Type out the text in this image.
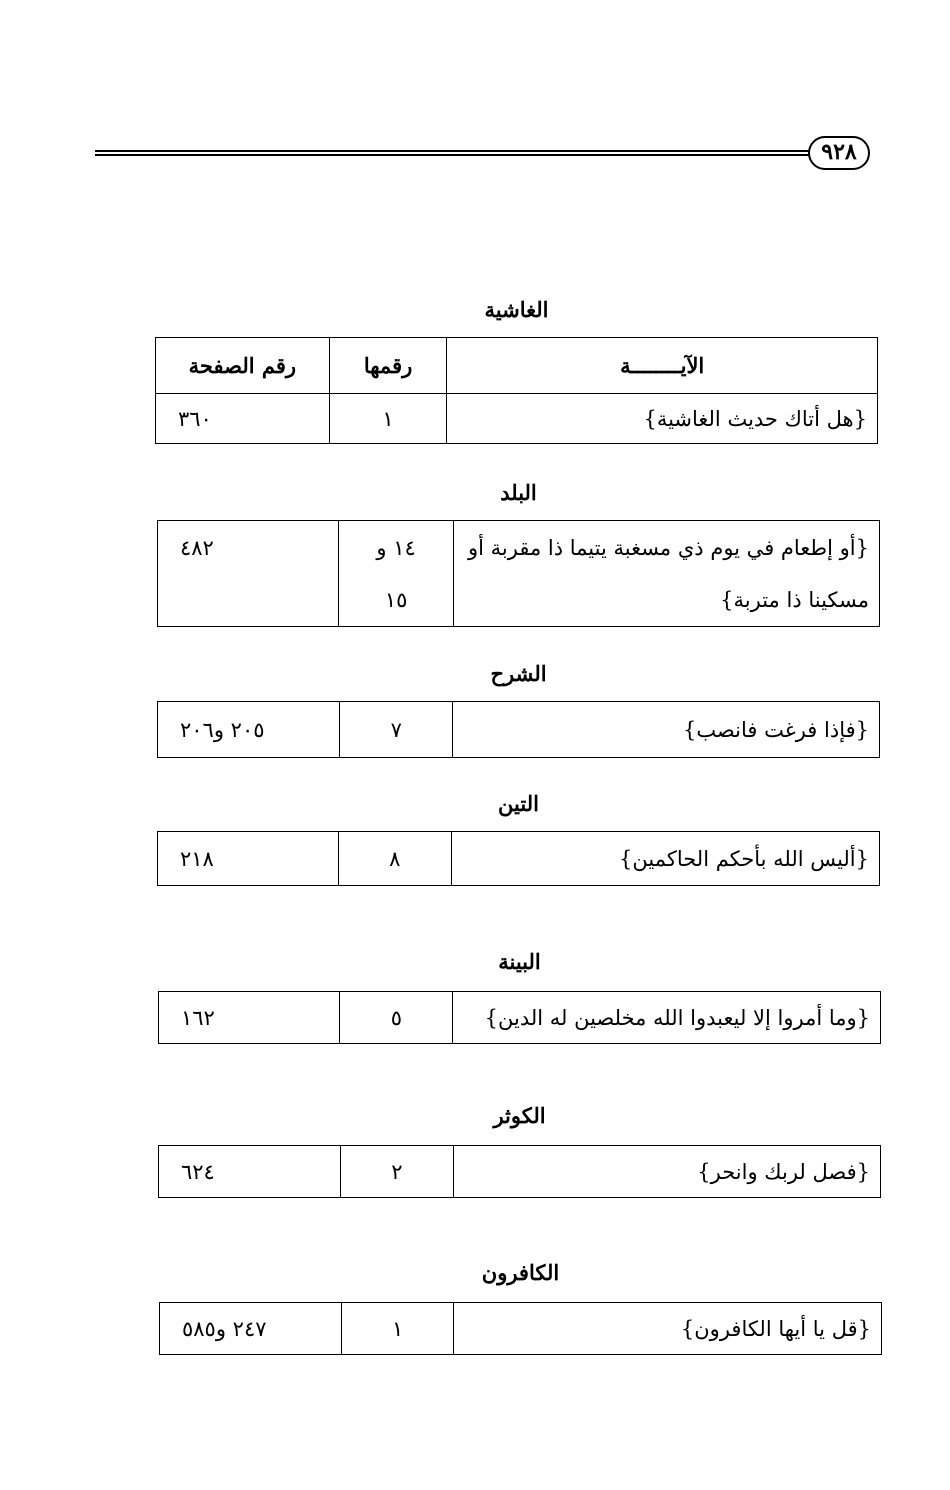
٩٢٨
الغاشية
الآيــــــــة	رقمها	رقم الصفحة
{هل أتاك حديث الغاشية}	١	٣٦٠
البلد
{أو إطعام في يوم ذي مسغبة يتيما ذا مقربة أو	١٤ و	٤٨٢
مسكينا ذا متربة}	١٥	
الشرح
{فإذا فرغت فانصب}	٧	٢٠٥ و٢٠٦
التين
{أليس الله بأحكم الحاكمين}	٨	٢١٨
البينة
{وما أمروا إلا ليعبدوا الله مخلصين له الدين}	٥	١٦٢
الكوثر
{فصل لربك وانحر}	٢	٦٢٤
الكافرون
{قل يا أيها الكافرون}	١	٢٤٧ و٥٨٥
